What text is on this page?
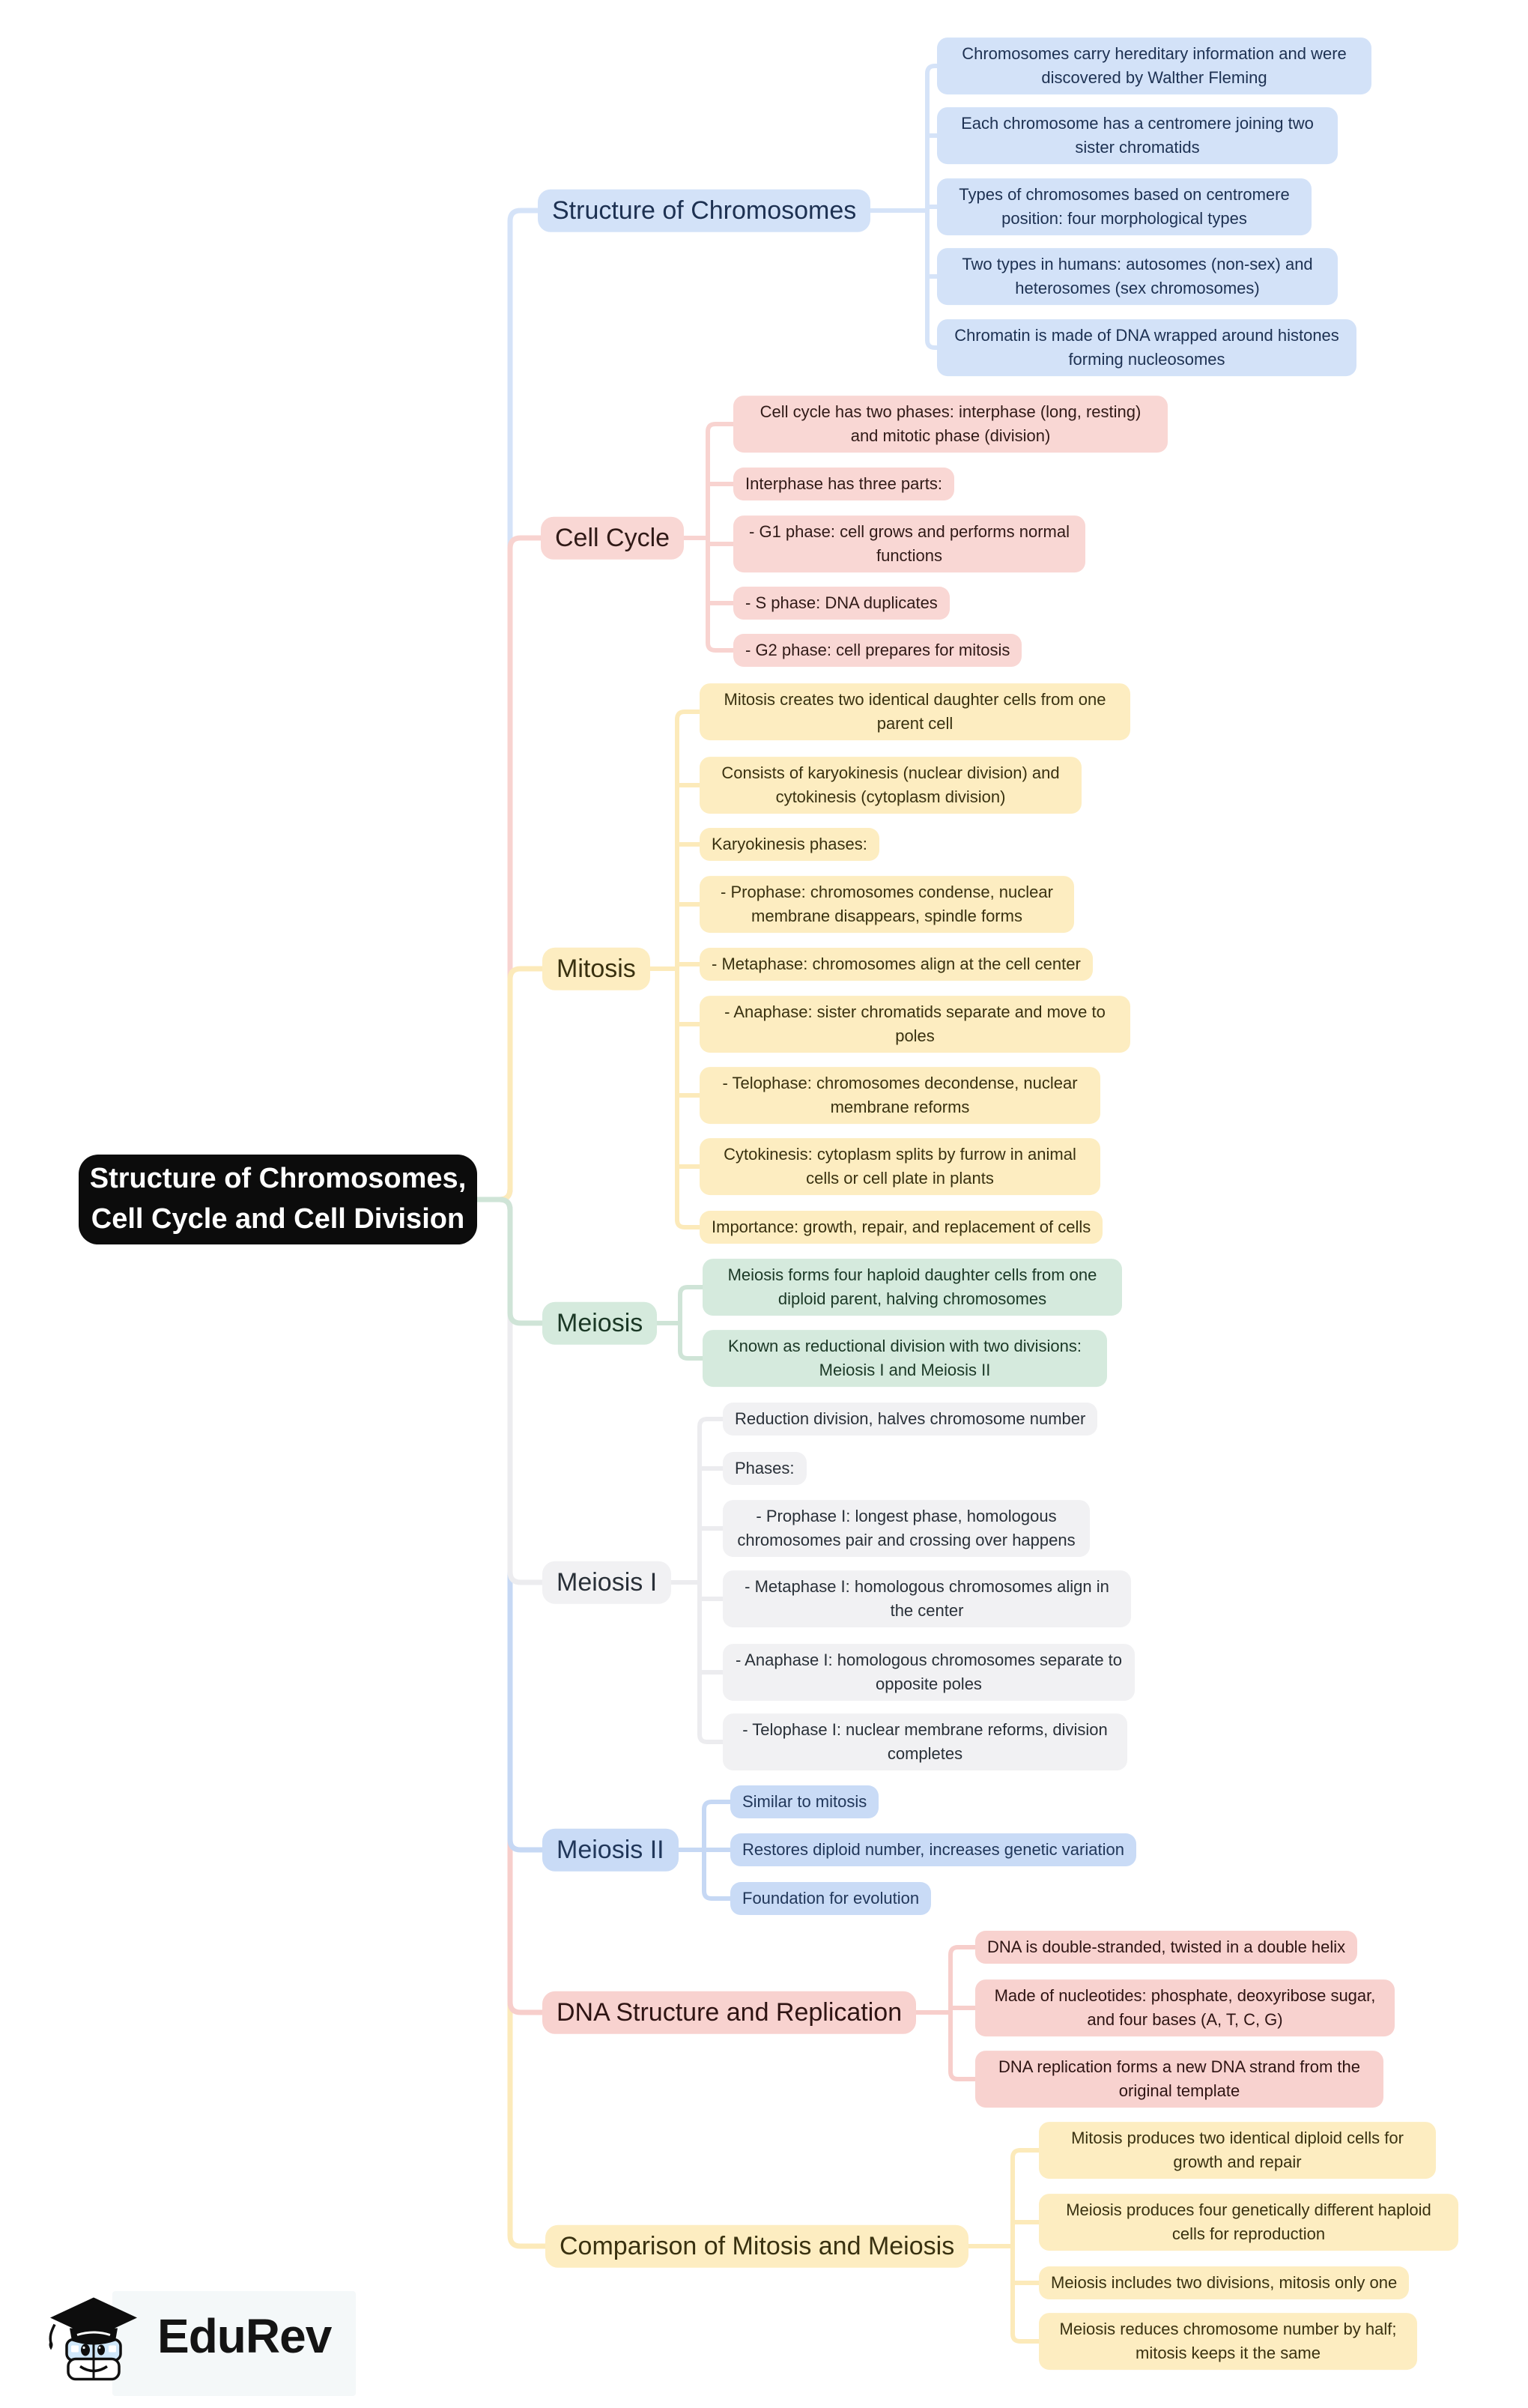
Structure of Chromosomes,
Cell Cycle and Cell Division
Structure of Chromosomes
Chromosomes carry hereditary information and were discovered by Walther Fleming
Each chromosome has a centromere joining two sister chromatids
Types of chromosomes based on centromere position: four morphological types
Two types in humans: autosomes (non-sex) and heterosomes (sex chromosomes)
Chromatin is made of DNA wrapped around histones forming nucleosomes
Cell Cycle
Cell cycle has two phases: interphase (long, resting) and mitotic phase (division)
Interphase has three parts:
- G1 phase: cell grows and performs normal functions
- S phase: DNA duplicates
- G2 phase: cell prepares for mitosis
Mitosis
Mitosis creates two identical daughter cells from one parent cell
Consists of karyokinesis (nuclear division) and cytokinesis (cytoplasm division)
Karyokinesis phases:
- Prophase: chromosomes condense, nuclear membrane disappears, spindle forms
- Metaphase: chromosomes align at the cell center
- Anaphase: sister chromatids separate and move to poles
- Telophase: chromosomes decondense, nuclear membrane reforms
Cytokinesis: cytoplasm splits by furrow in animal cells or cell plate in plants
Importance: growth, repair, and replacement of cells
Meiosis
Meiosis forms four haploid daughter cells from one diploid parent, halving chromosomes
Known as reductional division with two divisions: Meiosis I and Meiosis II
Meiosis I
Reduction division, halves chromosome number
Phases:
- Prophase I: longest phase, homologous chromosomes pair and crossing over happens
- Metaphase I: homologous chromosomes align in the center
- Anaphase I: homologous chromosomes separate to opposite poles
- Telophase I: nuclear membrane reforms, division completes
Meiosis II
Similar to mitosis
Restores diploid number, increases genetic variation
Foundation for evolution
DNA Structure and Replication
DNA is double-stranded, twisted in a double helix
Made of nucleotides: phosphate, deoxyribose sugar, and four bases (A, T, C, G)
DNA replication forms a new DNA strand from the original template
Comparison of Mitosis and Meiosis
Mitosis produces two identical diploid cells for growth and repair
Meiosis produces four genetically different haploid cells for reproduction
Meiosis includes two divisions, mitosis only one
Meiosis reduces chromosome number by half; mitosis keeps it the same
EduRev
